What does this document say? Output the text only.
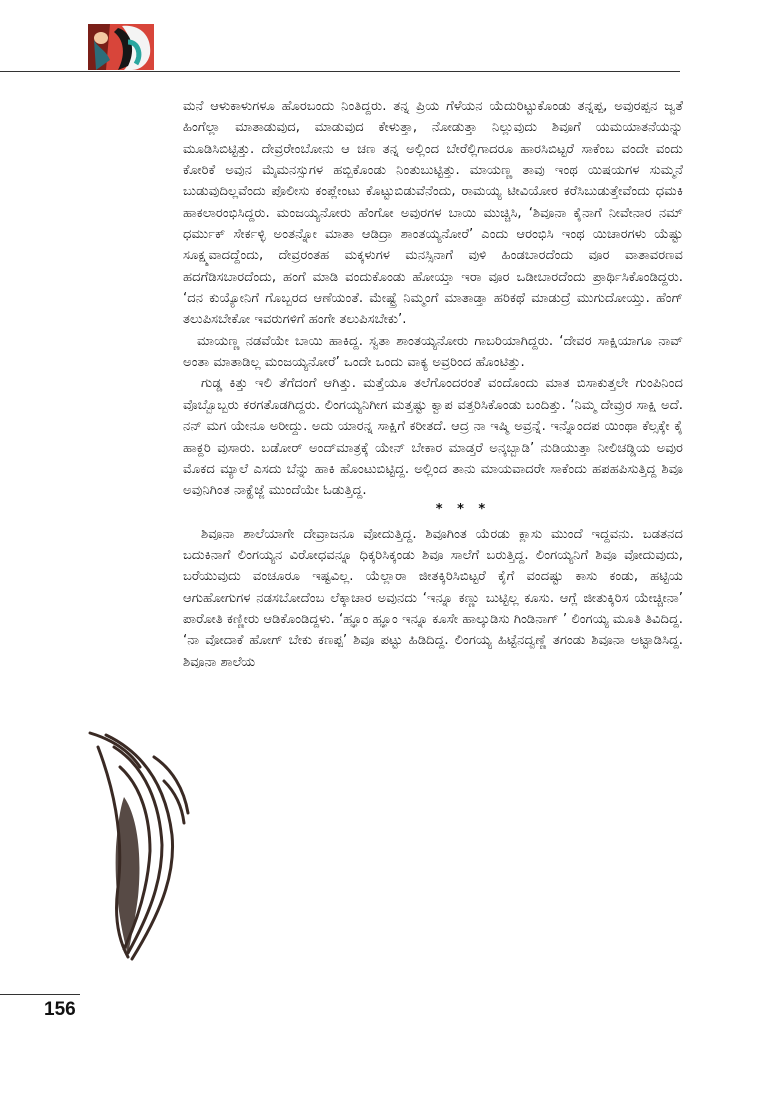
ಮನೆ ಆಳುಕಾಳುಗಳೂ ಹೊರಬಂದು ನಿಂತಿದ್ದರು. ತನ್ನ ಪ್ರಿಯ ಗೆಳೆಯನ ಯೆದುರಿಟ್ಟುಕೊಂಡು ತನ್ನಪ್ಪ, ಅವುರಪ್ಪನ ಜ್ವತೆ ಹಿಂಗೆಲ್ಲಾ ಮಾತಾಡುವುದ, ಮಾಡುವುದ ಕೇಳುತ್ತಾ, ನೋಡುತ್ತಾ ನಿಲ್ಲುವುದು ಶಿವೂಗೆ ಯಮಯಾತನೆಯನ್ನು ಮೂಡಿಸಿಬಿಟ್ಟಿತ್ತು. ದೇವ್ರರೇಂಬೋನು ಆ ಚಣ ತನ್ನ ಅಲ್ಲಿಂದ ಬೇರೆಲ್ಲಿಗಾದರೂ ಹಾರಸಿಬಿಟ್ಟರೆ ಸಾಕೆಂಬ ವಂದೇ ವಂದು ಕೋರಿಕೆ ಅವುನ ಮೈಮನಸ್ಸುಗಳ ಹಬ್ಬಿಕೊಂಡು ನಿಂತುಬುಟ್ಟಿತ್ತು. ಮಾಯಣ್ಣ ತಾವು ಇಂಥ ಯಿಷಯಗಳ ಸುಮ್ಮನೆ ಬುಡುವುದಿಲ್ಲವೆಂದು ಪೊಲೀಸು ಕಂಪ್ಲೇಂಟು ಕೊಟ್ಟುಬಿಡುವೆನೆಂದು, ರಾಮಯ್ಯ ಟೀವಿಯೋರ ಕರೆಸಿಬುಡುತ್ತೇವೆಂದು ಧಮಕಿ ಹಾಕಲಾರಂಭಿಸಿದ್ದರು. ಮಂಜಯ್ಯನೋರು ಹೆಂಗೋ ಅವುರಗಳ ಬಾಯಿ ಮುಚ್ಚಿಸಿ, ‘ಶಿವೂನಾ ಕೈನಾಗೆ ನೀವೇನಾರ ನಮ್ ಧರ್ಮುಕ್ ಸೇರ್ಕಳ್ಳಿ ಅಂತನ್ನೋ ಮಾತಾ ಆಡಿದ್ರಾ ಶಾಂತಯ್ಯನೋರೆ’ ಎಂದು ಆರಂಭಿಸಿ ಇಂಥ ಯಿಚಾರಗಳು ಯೆಷ್ಟು ಸೂಕ್ಷ್ಮವಾದದ್ದೆಂದು, ದೇವ್ರರಂತಹ ಮಕ್ಕಳುಗಳ ಮನಸ್ಸಿನಾಗೆ ವುಳಿ ಹಿಂಡಬಾರದೆಂದು ವೂರ ವಾತಾವರಣವ ಹದಗೆಡಿಸಬಾರದೆಂದು, ಹಂಗೆ ಮಾಡಿ ವಂದುಕೊಂಡು ಹೋಯ್ತಾ ಇರಾ ವೂರ ಒಡೀಬಾರದೆಂದು ಪ್ರಾರ್ಥಿಸಿಕೊಂಡಿದ್ದರು. ‘ದನ ಕುಯ್ಯೋನಿಗೆ ಗೊಬ್ಬರದ ಆಣೆಯಂತೆ. ಮೇಷ್ಟ್ರೆ ನಿಮ್ಮಂಗೆ ಮಾತಾಡ್ತಾ ಹರಿಕಥೆ ಮಾಡುದ್ರೆ ಮುಗುದೋಯ್ತು. ಹೆಂಗ್ ತಲುಪಿಸಬೇಕೋ ಇವರುಗಳಿಗೆ ಹಂಗೇ ತಲುಪಿಸಬೇಕು’.

ಮಾಯಣ್ಣ ನಡವೆಯೇ ಬಾಯಿ ಹಾಕಿದ್ದ. ಸ್ವತಾ ಶಾಂತಯ್ಯನೋರು ಗಾಬರಿಯಾಗಿದ್ದರು. ‘ದೇವರ ಸಾಕ್ಷಿಯಾಗೂ ನಾವ್ ಅಂತಾ ಮಾತಾಡಿಲ್ಲ ಮಂಜಯ್ಯನೋರೆ’ ಒಂದೇ ಒಂದು ವಾಕ್ಯ ಅವ್ರರಿಂದ ಹೊಂಟಿತ್ತು.

ಗುಡ್ಡ ಕಿತ್ತು ಇಲಿ ತೆಗೆದಂಗೆ ಆಗಿತ್ತು. ಮತ್ತೆಯೂ ತಲೆಗೊಂದರಂತೆ ವಂದೊಂದು ಮಾತ ಬಿಸಾಕುತ್ತಲೇ ಗುಂಪಿನಿಂದ ವೊಬ್ಬೊಬ್ಬರು ಕರಗತೊಡಗಿದ್ದರು. ಲಿಂಗಯ್ಯನಿಗೀಗ ಮತ್ತಷ್ಟು ಕ್ವಾಪ ವತ್ತರಿಸಿಕೊಂಡು ಬಂದಿತ್ತು. ‘ನಿಮ್ಮ ದೇವ್ರುರ ಸಾಕ್ಷಿ ಅದೆ. ನನ್ ಮಗ ಯೇನೂ ಅರೀದ್ದು. ಅದು ಯಾರನ್ನ ಸಾಕ್ಷಿಗೆ ಕರೀತದೆ. ಆದ್ರ ನಾ ಇಷ್ಮಿ ಅವ್ರನ್ನೆ. ಇನ್ನೊಂದಪ ಯಿಂಥಾ ಕೆಲ್ಸಕ್ಕೇ ಕೈ ಹಾಕ್ದರಿ ವುಸಾರು. ಬಡೋರ್ ಅಂದ್‌ಮಾತ್ರಕ್ಕೆ ಯೇನ್ ಬೇಕಾರ ಮಾಡ್ತರೆ ಅನ್ಕಬ್ಬಾಡಿ’ ನುಡಿಯುತ್ತಾ ನೀಲಿಚಡ್ಡಿಯ ಅವುರ ಮೊಕದ ಮ್ಯಾಲೆ ಎಸದು ಬೆನ್ನು ಹಾಕಿ ಹೊಂಟುಬಿಟ್ಟಿದ್ದ. ಅಲ್ಲಿಂದ ತಾನು ಮಾಯವಾದರೇ ಸಾಕೆಂದು ಹಪಹಪಿಸುತ್ತಿದ್ದ ಶಿವೂ ಅವುನಿಗಿಂತ ನಾಕ್ಹೆಜ್ಜೆ ಮುಂದೆಯೇ ಓಡುತ್ತಿದ್ದ.

* * *

ಶಿವೂನಾ ಶಾಲೆಯಾಗೇ ದೇವ್ರಾಜನೂ ವೋದುತ್ತಿದ್ದ. ಶಿವೂಗಿಂತ ಯೆರಡು ಕ್ಲಾಸು ಮುಂದೆ ಇದ್ದವನು. ಬಡತನದ ಬದುಕಿನಾಗೆ ಲಿಂಗಯ್ಯನ ವಿರೋಧವನ್ನೂ ಧಿಕ್ಕರಿಸಿಕ್ಕಂಡು ಶಿವೂ ಸಾಲೆಗೆ ಬರುತ್ತಿದ್ದ. ಲಿಂಗಯ್ಯನಿಗೆ ಶಿವೂ ವೋದುವುದು, ಬರೆಯುವುದು ವಂಚೂರೂ ಇಷ್ಟವಿಲ್ಲ. ಯೆಲ್ಲಾರಾ ಜೀತಕ್ಕಿರಿಸಿಬಿಟ್ಟರೆ ಕೈಗೆ ವಂದಷ್ಟು ಕಾಸು ಕಂಡು, ಹಟ್ಟಿಯ ಆಗುಹೋಗುಗಳ ನಡಸಬೋದೆಂಬ ಲೆಕ್ಕಾಚಾರ ಅವುನದು ‘ಇನ್ನೂ ಕಣ್ಣು ಬುಟ್ಟಿಲ್ಲ ಕೂಸು. ಆಗ್ಲೆ ಜೀತುಕ್ಕಿರಿಸ ಯೇಚ್ಚೀನಾ’ ಪಾರೋತಿ ಕಣ್ಣೀರು ಆಡಿಕೊಂಡಿದ್ದಳು. ‘ಹ್ಞೂಂ ಹ್ಞೂಂ ಇನ್ನೂ ಕೂಸೇ ಹಾಲ್ಕುಡಿಸು ಗಿಂಡಿನಾಗ್ ’ ಲಿಂಗಯ್ಯ ಮೂತಿ ತಿವಿದಿದ್ದ. ‘ನಾ ವೋದಾಕೆ ಹೋಗ್ ಬೇಕು ಕಣಪ್ಪ’ ಶಿವೂ ಪಟ್ಟು ಹಿಡಿದಿದ್ದ. ಲಿಂಗಯ್ಯ ಹಿಟ್ಟೆನದ್ವಣ್ಣೆ ತಗಂಡು ಶಿವೂನಾ ಅಟ್ಟಾಡಿಸಿದ್ದ. ಶಿವೂನಾ ಶಾಲೆಯ

156
